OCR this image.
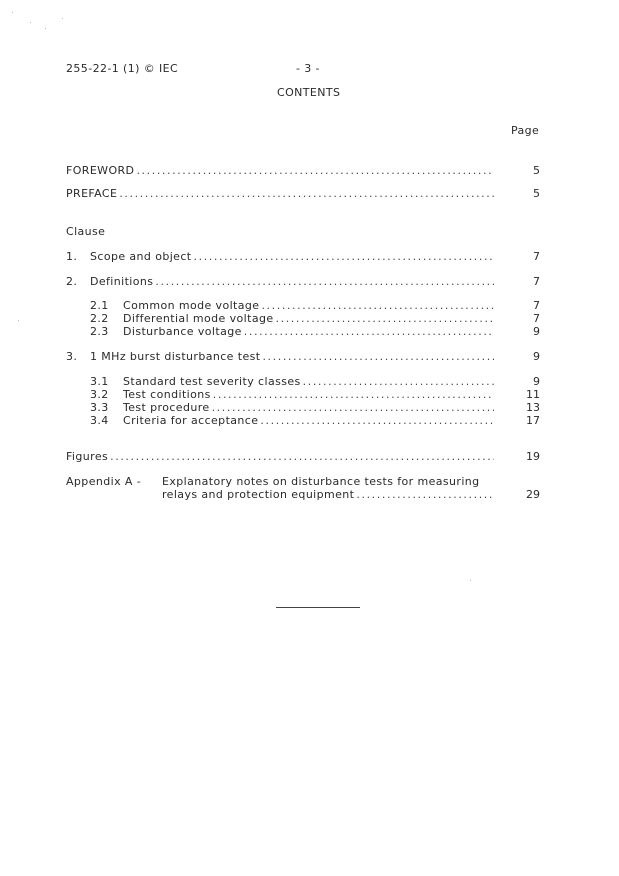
255-22-1 (1) © IEC	- 3 -
CONTENTS
Page
FOREWORD .....	5
PREFACE .....	5
Clause
1.	Scope and object .....	7
2.	Definitions .....	7
2.1	Common mode voltage .....	7
2.2	Differential mode voltage .....	7
2.3	Disturbance voltage .....	9
3.	1 MHz burst disturbance test .....	9
3.1	Standard test severity classes .....	9
3.2	Test conditions .....	11
3.3	Test procedure .....	13
3.4	Criteria for acceptance .....	17
Figures .....	19
Appendix A - Explanatory notes on disturbance tests for measuring
relays and protection equipment .....	29
